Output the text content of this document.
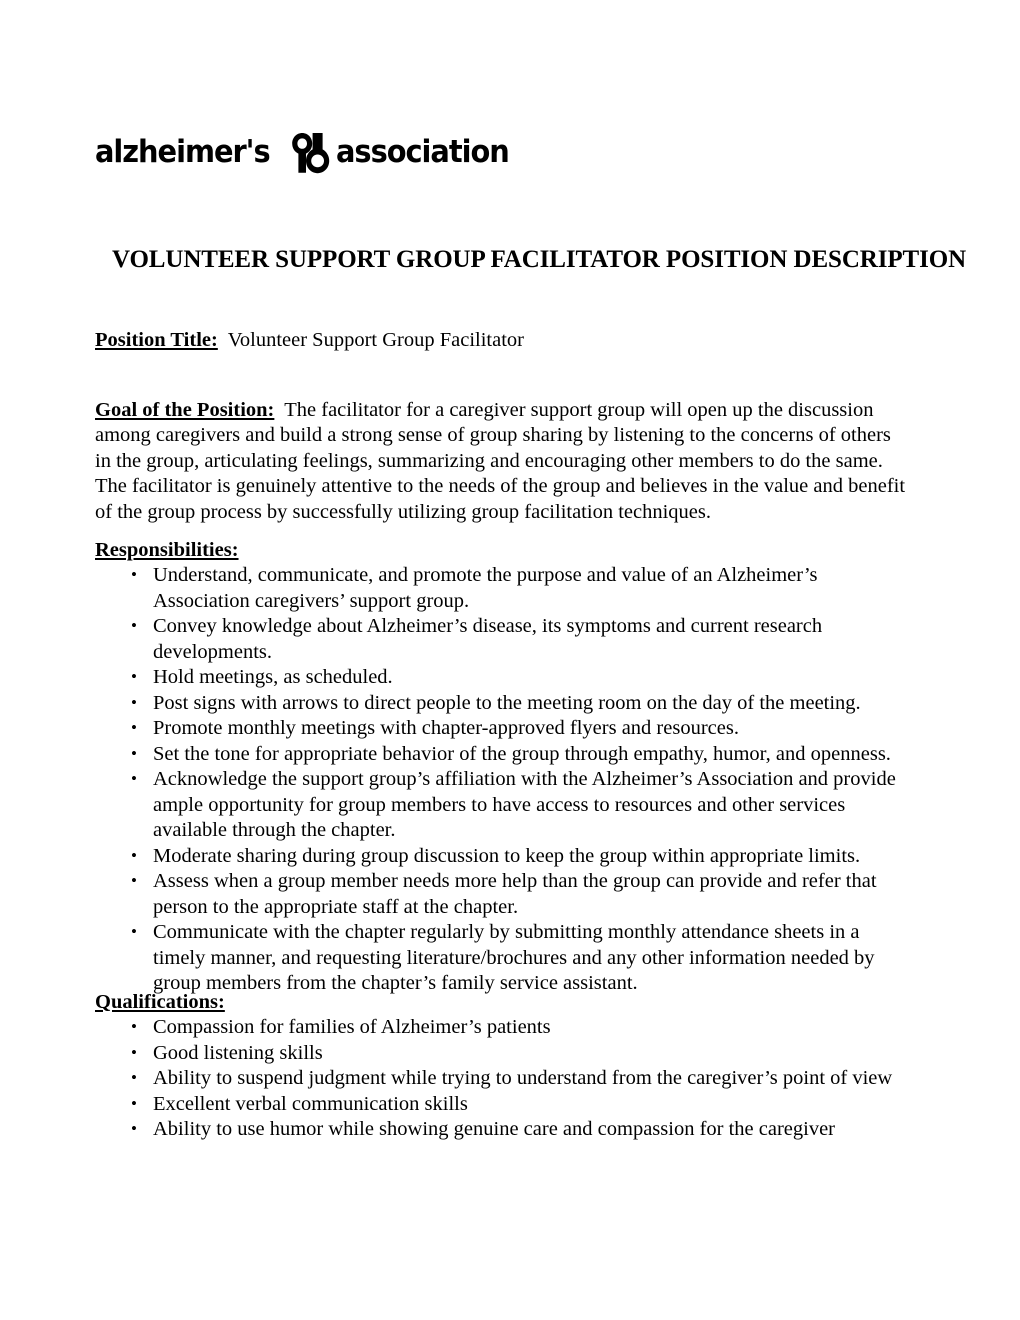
alzheimer's association
VOLUNTEER SUPPORT GROUP FACILITATOR POSITION DESCRIPTION

Position Title: Volunteer Support Group Facilitator

Goal of the Position: The facilitator for a caregiver support group will open up the discussion among caregivers and build a strong sense of group sharing by listening to the concerns of others in the group, articulating feelings, summarizing and encouraging other members to do the same. The facilitator is genuinely attentive to the needs of the group and believes in the value and benefit of the group process by successfully utilizing group facilitation techniques.

Responsibilities:
• Understand, communicate, and promote the purpose and value of an Alzheimer’s Association caregivers’ support group.
• Convey knowledge about Alzheimer’s disease, its symptoms and current research developments.
• Hold meetings, as scheduled.
• Post signs with arrows to direct people to the meeting room on the day of the meeting.
• Promote monthly meetings with chapter-approved flyers and resources.
• Set the tone for appropriate behavior of the group through empathy, humor, and openness.
• Acknowledge the support group’s affiliation with the Alzheimer’s Association and provide ample opportunity for group members to have access to resources and other services available through the chapter.
• Moderate sharing during group discussion to keep the group within appropriate limits.
• Assess when a group member needs more help than the group can provide and refer that person to the appropriate staff at the chapter.
• Communicate with the chapter regularly by submitting monthly attendance sheets in a timely manner, and requesting literature/brochures and any other information needed by group members from the chapter’s family service assistant.
Qualifications:
• Compassion for families of Alzheimer’s patients
• Good listening skills
• Ability to suspend judgment while trying to understand from the caregiver’s point of view
• Excellent verbal communication skills
• Ability to use humor while showing genuine care and compassion for the caregiver
